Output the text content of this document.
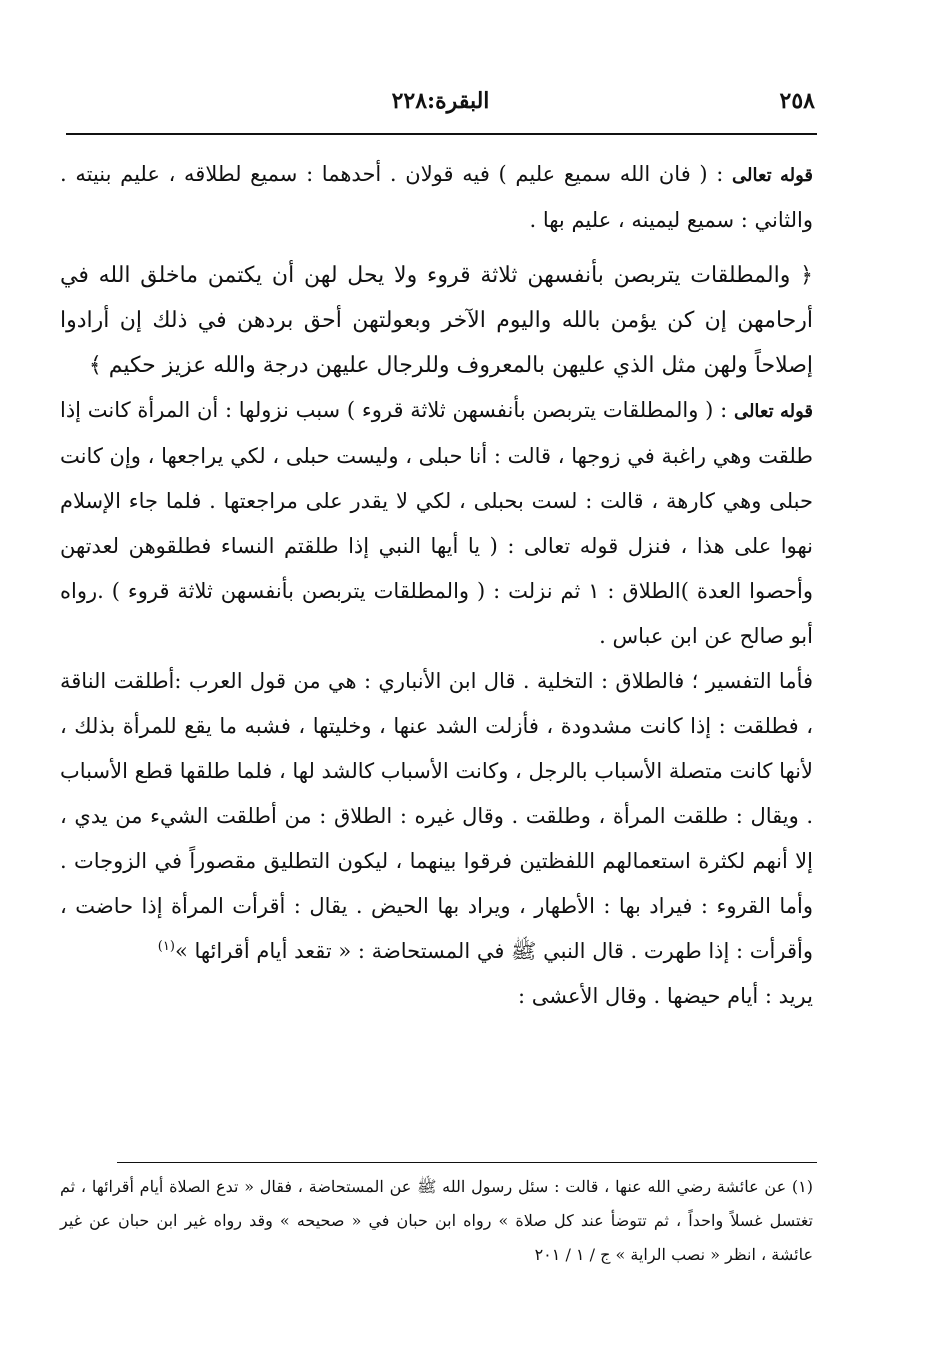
٢٥٨
البقرة:٢٢٨

قوله تعالى : ( فان الله سميع عليم ) فيه قولان . أحدهما : سميع لطلاقه ، عليم بنيته . والثاني : سميع ليمينه ، عليم بها .

﴿ والمطلقات يتربصن بأنفسهن ثلاثة قروء ولا يحل لهن أن يكتمن ماخلق الله في أرحامهن إن كن يؤمن بالله واليوم الآخر وبعولتهن أحق بردهن في ذلك إن أرادوا إصلاحاً ولهن مثل الذي عليهن بالمعروف وللرجال عليهن درجة والله عزيز حكيم ﴾

قوله تعالى : ( والمطلقات يتربصن بأنفسهن ثلاثة قروء ) سبب نزولها : أن المرأة كانت إذا طلقت وهي راغبة في زوجها ، قالت : أنا حبلى ، وليست حبلى ، لكي يراجعها ، وإن كانت حبلى وهي كارهة ، قالت : لست بحبلى ، لكي لا يقدر على مراجعتها . فلما جاء الإسلام نهوا على هذا ، فنزل قوله تعالى : ( يا أيها النبي إذا طلقتم النساء فطلقوهن لعدتهن وأحصوا العدة )الطلاق : ١ ثم نزلت : ( والمطلقات يتربصن بأنفسهن ثلاثة قروء ) .رواه أبو صالح عن ابن عباس .

فأما التفسير ؛ فالطلاق : التخلية . قال ابن الأنباري : هي من قول العرب :أطلقت الناقة ، فطلقت : إذا كانت مشدودة ، فأزلت الشد عنها ، وخليتها ، فشبه ما يقع للمرأة بذلك ، لأنها كانت متصلة الأسباب بالرجل ، وكانت الأسباب كالشد لها ، فلما طلقها قطع الأسباب . ويقال : طلقت المرأة ، وطلقت . وقال غيره : الطلاق : من أطلقت الشيء من يدي ، إلا أنهم لكثرة استعمالهم اللفظتين فرقوا بينهما ، ليكون التطليق مقصوراً في الزوجات . وأما القروء : فيراد بها : الأطهار ، ويراد بها الحيض . يقال : أقرأت المرأة إذا حاضت ، وأقرأت : إذا طهرت . قال النبي ﷺ في المستحاضة : « تقعد أيام أقرائها »$^{(١)}$

يريد : أيام حيضها . وقال الأعشى :

(١) عن عائشة رضي الله عنها ، قالت : سئل رسول الله ﷺ عن المستحاضة ، فقال « تدع الصلاة أيام أقرائها ، ثم تغتسل غسلاً واحداً ، ثم تتوضأ عند كل صلاة » رواه ابن حبان في « صحيحه » وقد رواه غير ابن حبان عن غير عائشة ، انظر « نصب الراية » ج / ١ / ٢٠١
